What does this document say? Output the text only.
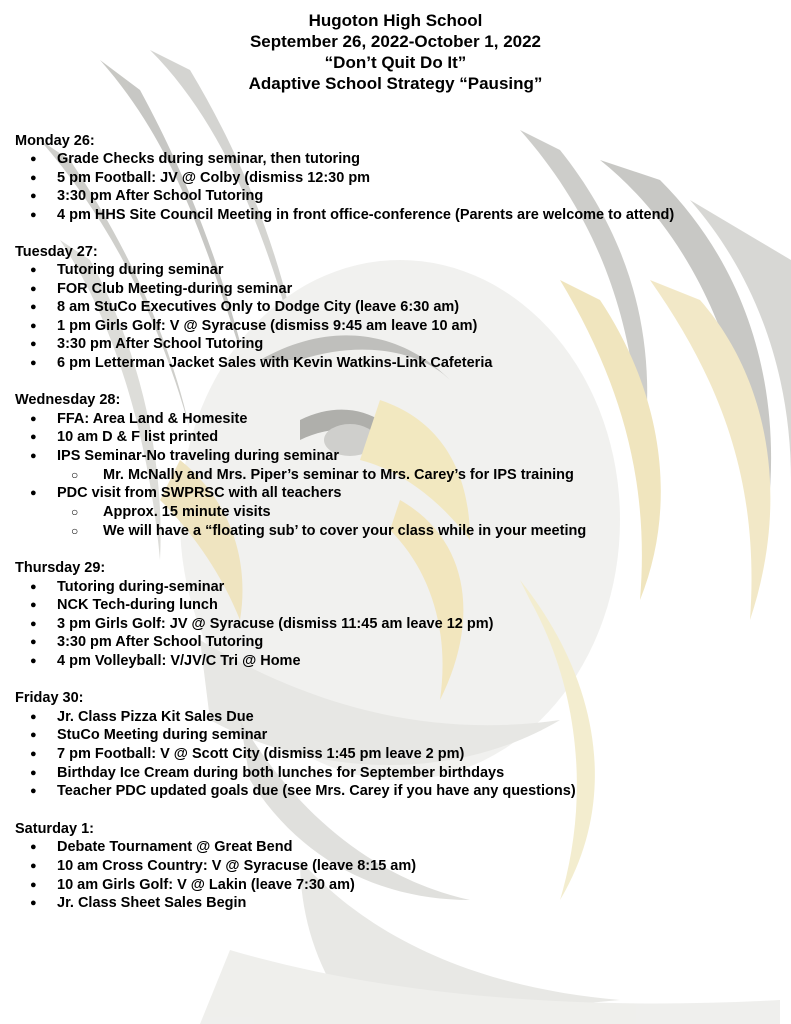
Hugoton High School
September 26, 2022-October 1, 2022
“Don’t Quit Do It”
Adaptive School Strategy “Pausing”
Monday 26:
● Grade Checks during seminar, then tutoring
● 5 pm Football: JV @ Colby (dismiss 12:30 pm
● 3:30 pm After School Tutoring
● 4 pm HHS Site Council Meeting in front office-conference (Parents are welcome to attend)
Tuesday 27:
● Tutoring during seminar
● FOR Club Meeting-during seminar
● 8 am StuCo Executives Only to Dodge City (leave 6:30 am)
● 1 pm Girls Golf: V @ Syracuse (dismiss 9:45 am leave 10 am)
● 3:30 pm After School Tutoring
● 6 pm Letterman Jacket Sales with Kevin Watkins-Link Cafeteria
Wednesday 28:
● FFA: Area Land & Homesite
● 10 am D & F list printed
● IPS Seminar-No traveling during seminar
○ Mr. McNally and Mrs. Piper’s seminar to Mrs. Carey’s for IPS training
● PDC visit from SWPRSC with all teachers
○ Approx. 15 minute visits
○ We will have a “floating sub’ to cover your class while in your meeting
Thursday 29:
● Tutoring during-seminar
● NCK Tech-during lunch
● 3 pm Girls Golf: JV @ Syracuse (dismiss 11:45 am leave 12 pm)
● 3:30 pm After School Tutoring
● 4 pm Volleyball: V/JV/C Tri @ Home
Friday 30:
● Jr. Class Pizza Kit Sales Due
● StuCo Meeting during seminar
● 7 pm Football: V @ Scott City (dismiss 1:45 pm leave 2 pm)
● Birthday Ice Cream during both lunches for September birthdays
● Teacher PDC updated goals due (see Mrs. Carey if you have any questions)
Saturday 1:
● Debate Tournament @ Great Bend
● 10 am Cross Country: V @ Syracuse (leave 8:15 am)
● 10 am Girls Golf: V @ Lakin (leave 7:30 am)
● Jr. Class Sheet Sales Begin
